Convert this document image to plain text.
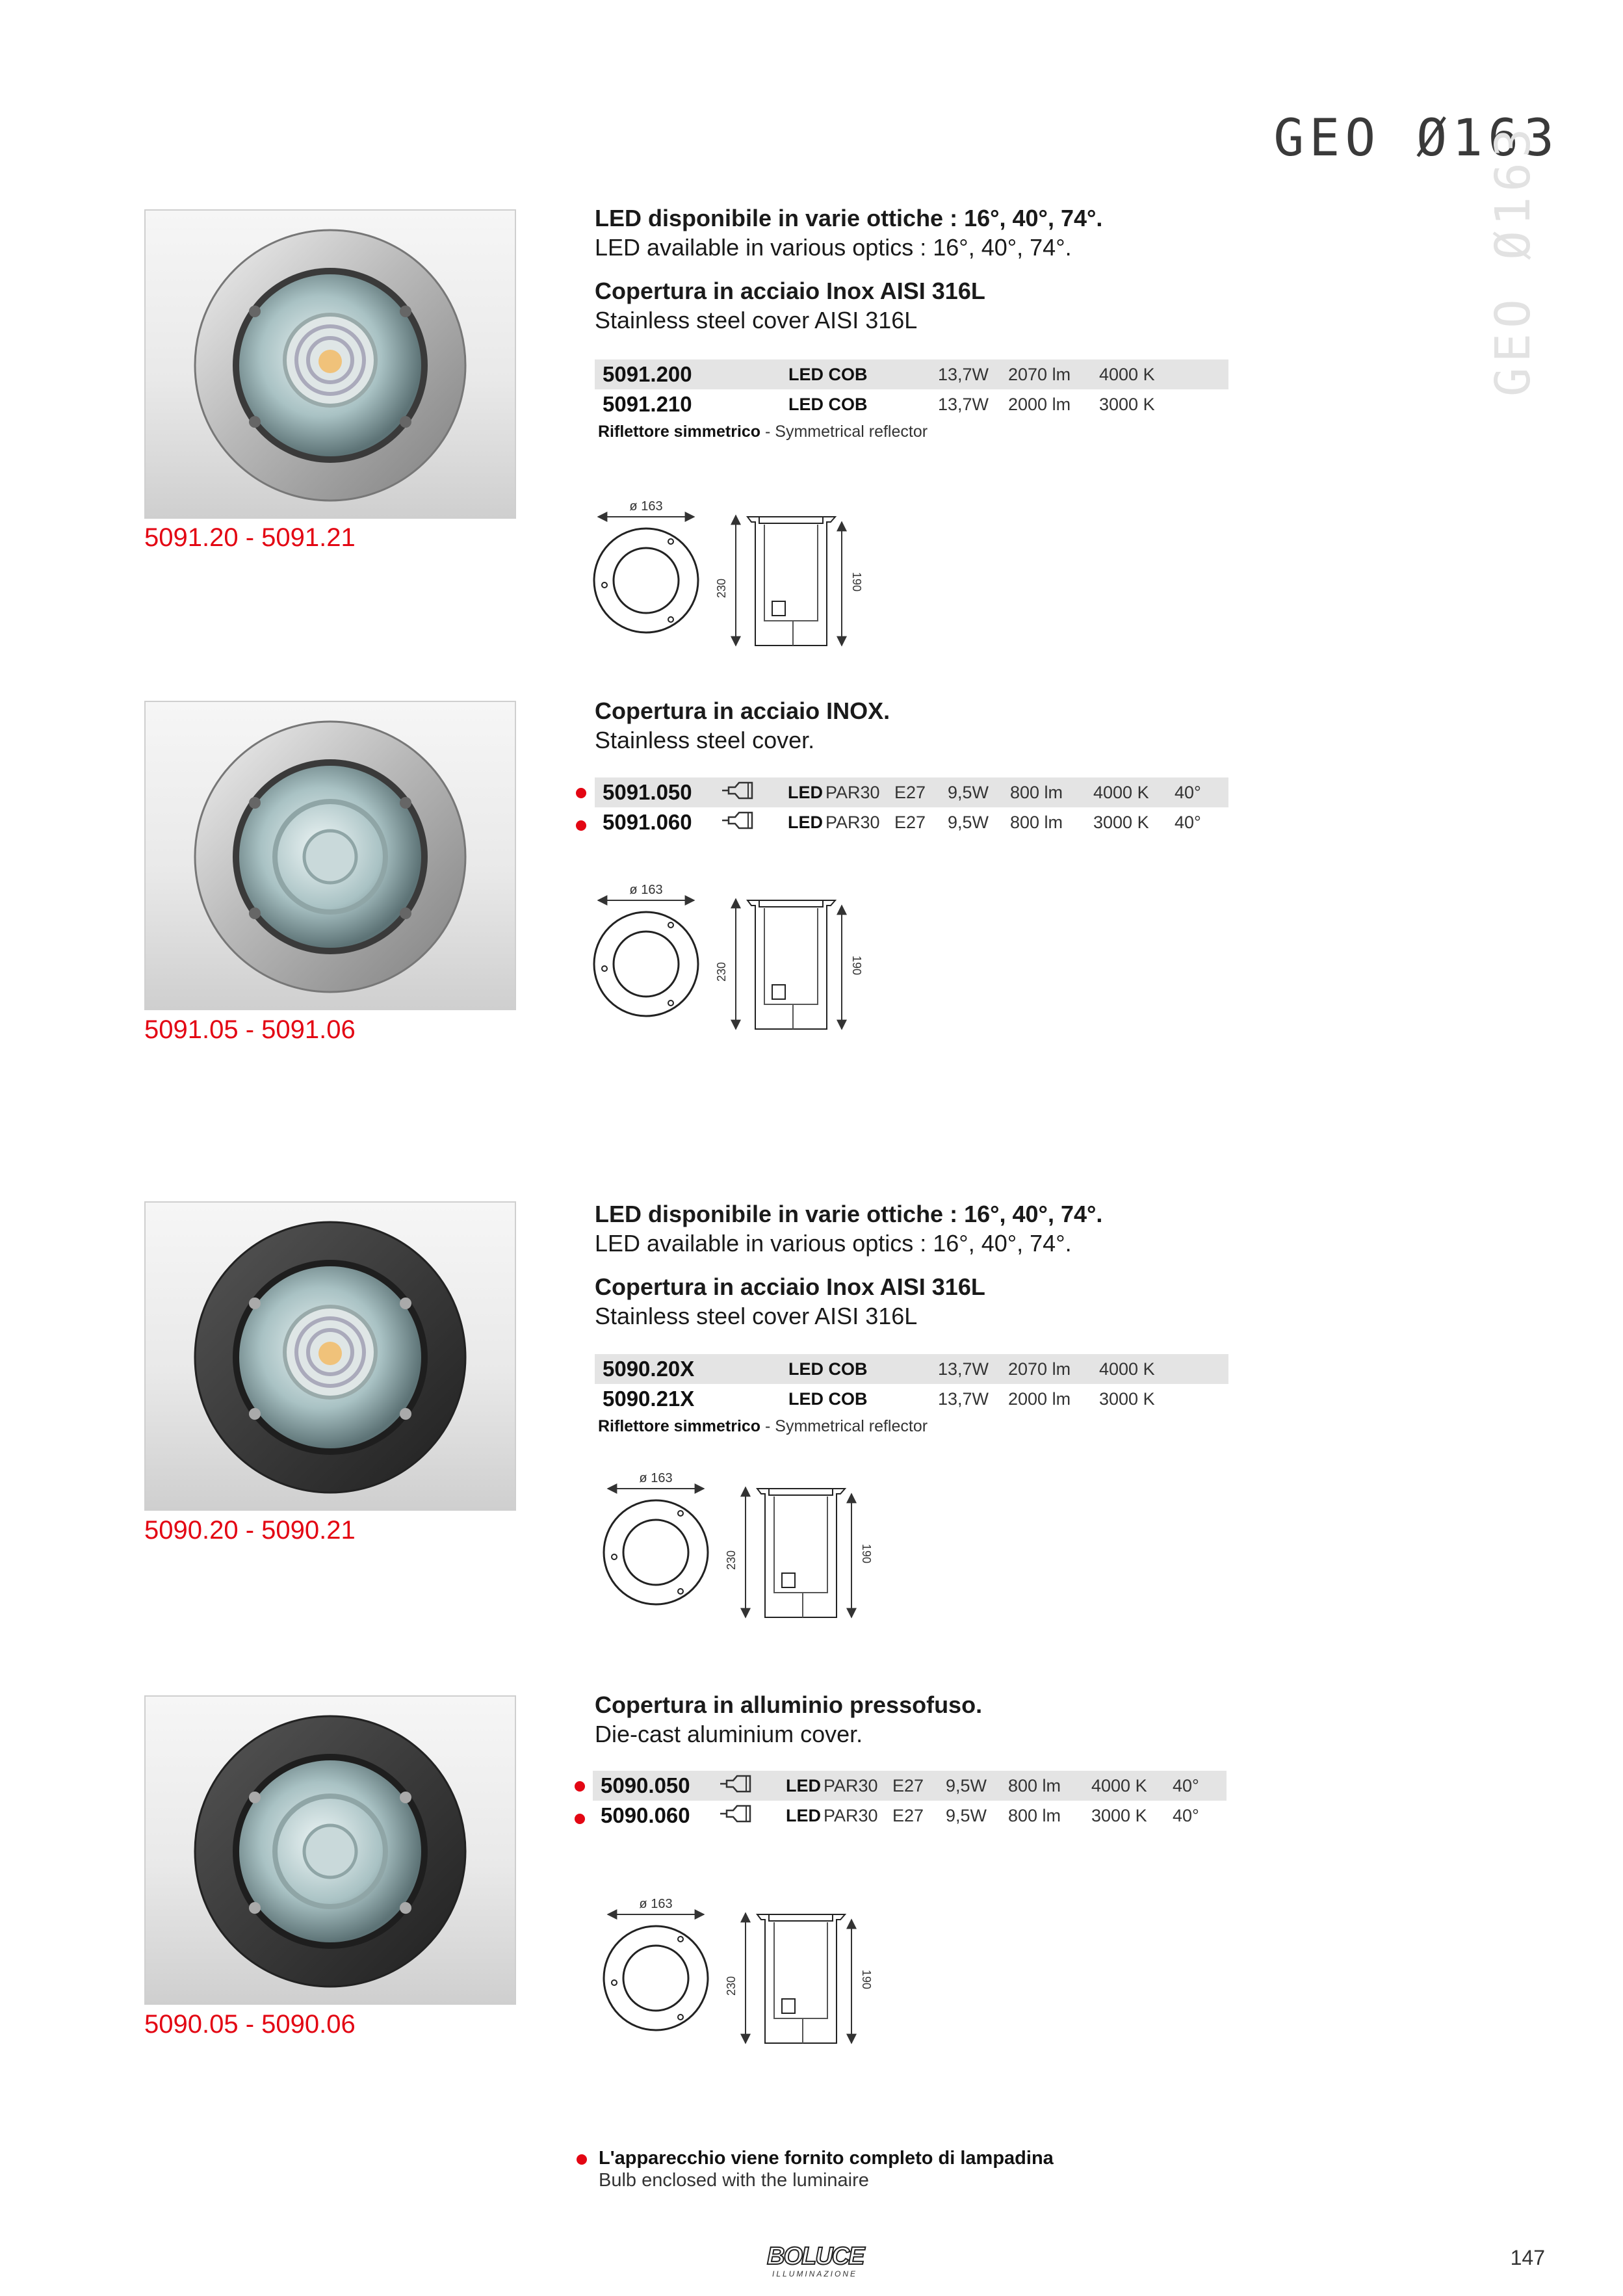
GEO Ø163
GEO Ø163
5091.20 - 5091.21
LED disponibile in varie ottiche : 16°, 40°, 74°.
LED available in various optics : 16°, 40°, 74°.
Copertura in acciaio Inox AISI 316L
Stainless steel cover AISI 316L
5091.200	LED COB	13,7W	2070 lm	4000 K
5091.210	LED COB	13,7W	2000 lm	3000 K
Riflettore simmetrico - Symmetrical reflector
ø 163
230	190
5091.05 - 5091.06
Copertura in acciaio INOX.
Stainless steel cover.
5091.050		LED	PAR30	E27	9,5W	800 lm	4000 K	40°
5091.060		LED	PAR30	E27	9,5W	800 lm	3000 K	40°
ø 163
230	190
5090.20 - 5090.21
LED disponibile in varie ottiche : 16°, 40°, 74°.
LED available in various optics : 16°, 40°, 74°.
Copertura in acciaio Inox AISI 316L
Stainless steel cover AISI 316L
5090.20X	LED COB	13,7W	2070 lm	4000 K
5090.21X	LED COB	13,7W	2000 lm	3000 K
Riflettore simmetrico - Symmetrical reflector
ø 163
230	190
5090.05 - 5090.06
Copertura in alluminio pressofuso.
Die-cast aluminium cover.
5090.050		LED	PAR30	E27	9,5W	800 lm	4000 K	40°
5090.060		LED	PAR30	E27	9,5W	800 lm	3000 K	40°
ø 163
230	190
L'apparecchio viene fornito completo di lampadina
Bulb enclosed with the luminaire
BOLUCE
ILLUMINAZIONE
147
